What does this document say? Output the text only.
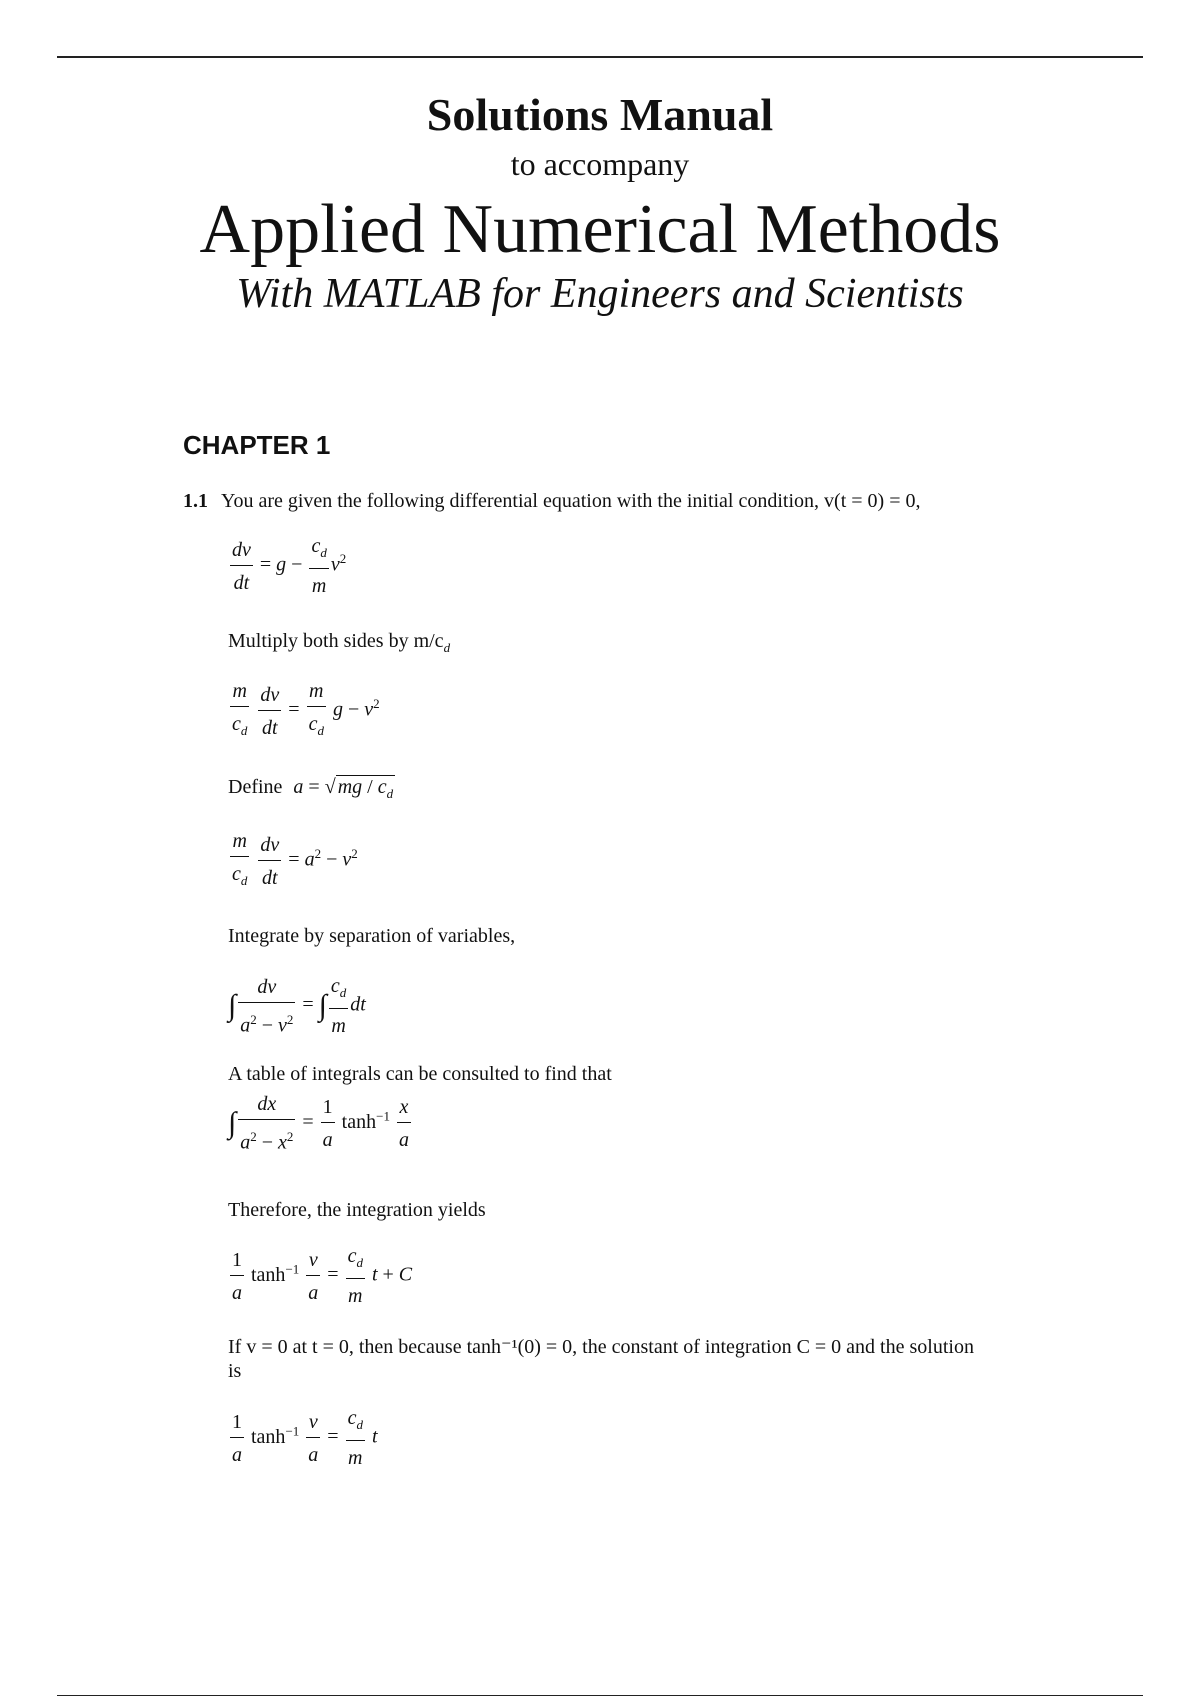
Solutions Manual
to accompany
Applied Numerical Methods
With MATLAB for Engineers and Scientists
CHAPTER 1
1.1 You are given the following differential equation with the initial condition, v(t = 0) = 0,
$\frac{dv}{dt} = g - \frac{c_d}{m} v^2$
Multiply both sides by $m/c_d$
$\frac{m}{c_d}$
$\frac{dv}{dt} = \frac{m}{c_d}$ $g - v^2$
Define a = √ mg / $c_d$
$\frac{m}{c_d}$
$\frac{dv}{dt} = a^2 - v^2$
Integrate by separation of variables,
∫ $\frac{dv}{a^2 - v^2}$ = ∫ $\frac{c_d}{m}$ dt
A table of integrals can be consulted to find that
∫ $\frac{dx}{a^2 - x^2} = \frac{1}{a} \tanh^{-1} \frac{x}{a}$
Therefore, the integration yields
$\frac{1}{a} \tanh^{-1} \frac{v}{a} = \frac{c_d}{m}$ t + C
If v = 0 at t = 0, then because tanh⁻¹(0) = 0, the constant of integration C = 0 and the solution
is
$\frac{1}{a} \tanh^{-1} \frac{v}{a} = \frac{c_d}{m}$ t
